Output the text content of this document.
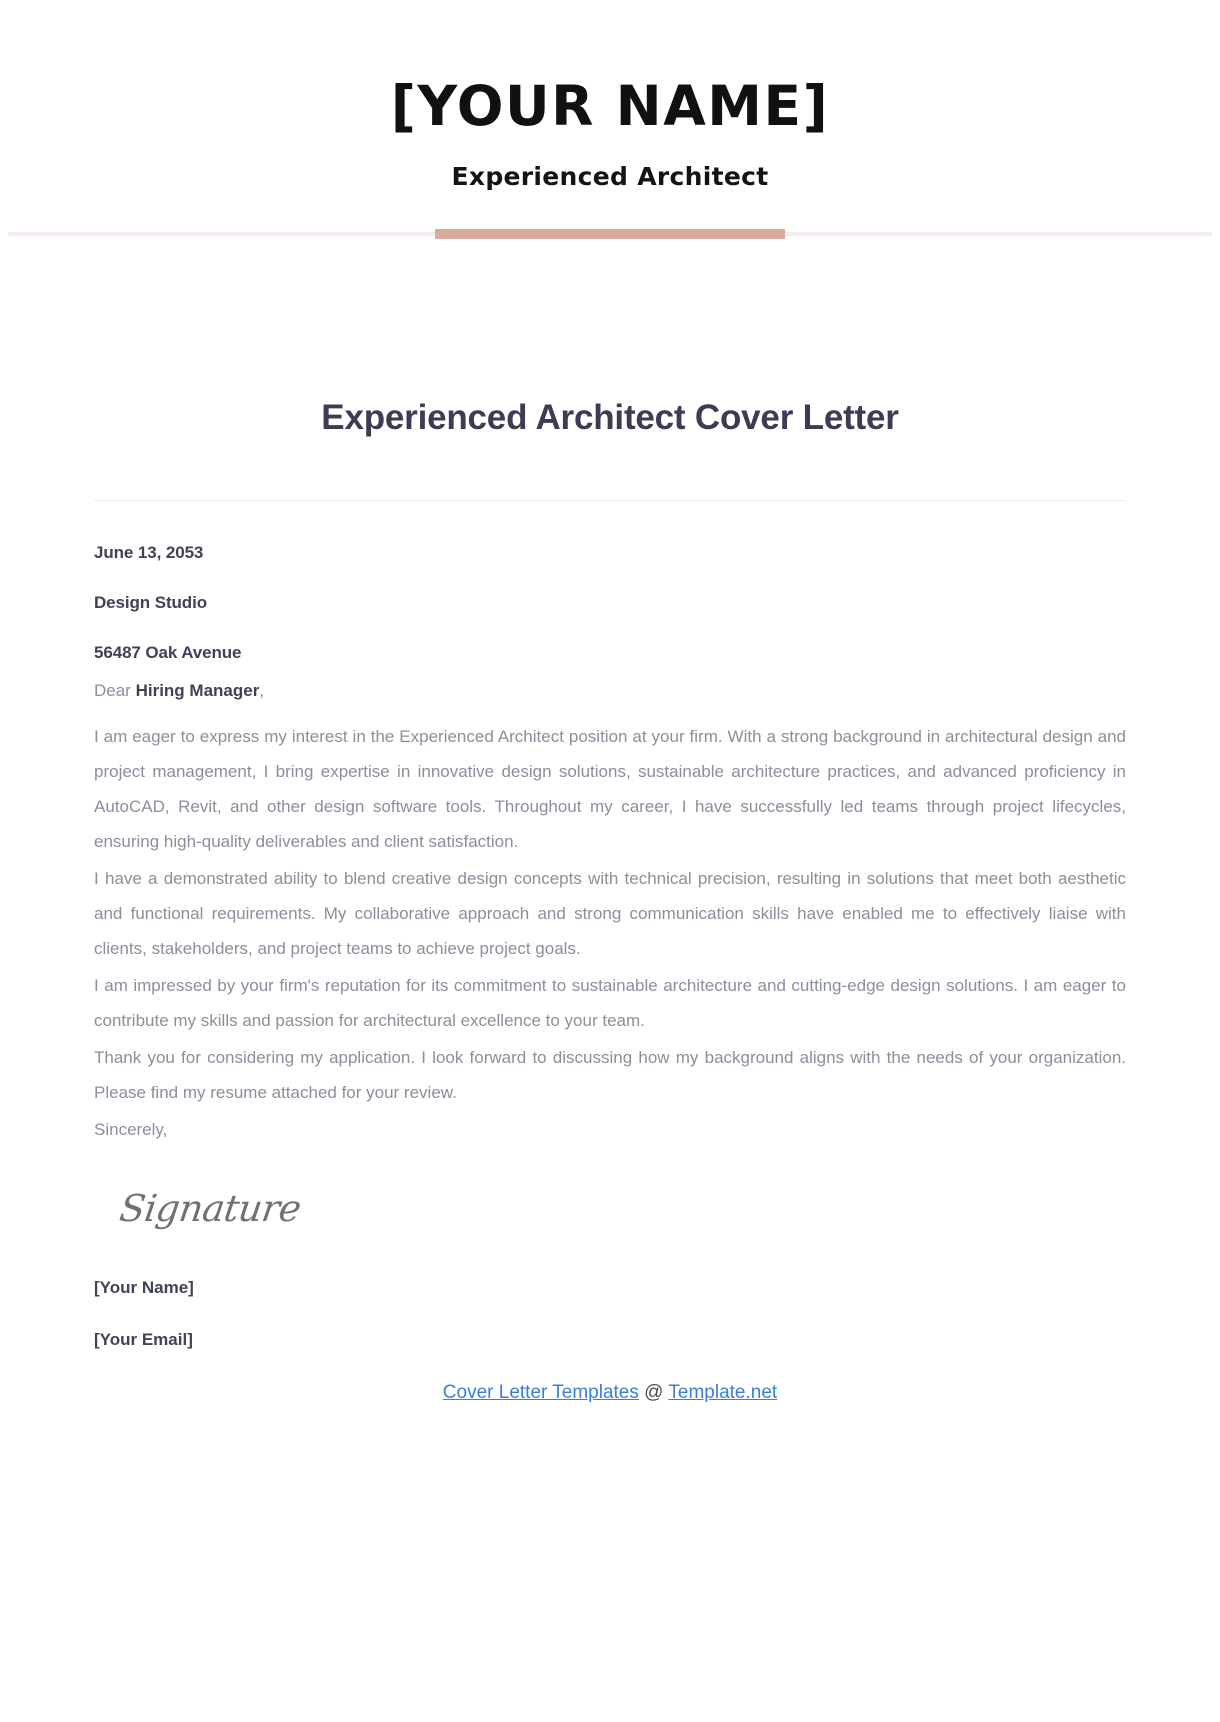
[YOUR NAME]

Experienced Architect

Experienced Architect Cover Letter

June 13, 2053

Design Studio

56487 Oak Avenue

Dear Hiring Manager,

I am eager to express my interest in the Experienced Architect position at your firm. With a strong background in architectural design and project management, I bring expertise in innovative design solutions, sustainable architecture practices, and advanced proficiency in AutoCAD, Revit, and other design software tools. Throughout my career, I have successfully led teams through project lifecycles, ensuring high-quality deliverables and client satisfaction.

I have a demonstrated ability to blend creative design concepts with technical precision, resulting in solutions that meet both aesthetic and functional requirements. My collaborative approach and strong communication skills have enabled me to effectively liaise with clients, stakeholders, and project teams to achieve project goals.

I am impressed by your firm's reputation for its commitment to sustainable architecture and cutting-edge design solutions. I am eager to contribute my skills and passion for architectural excellence to your team.

Thank you for considering my application. I look forward to discussing how my background aligns with the needs of your organization. Please find my resume attached for your review.

Sincerely,

Signature

[Your Name]

[Your Email]

Cover Letter Templates @ Template.net
